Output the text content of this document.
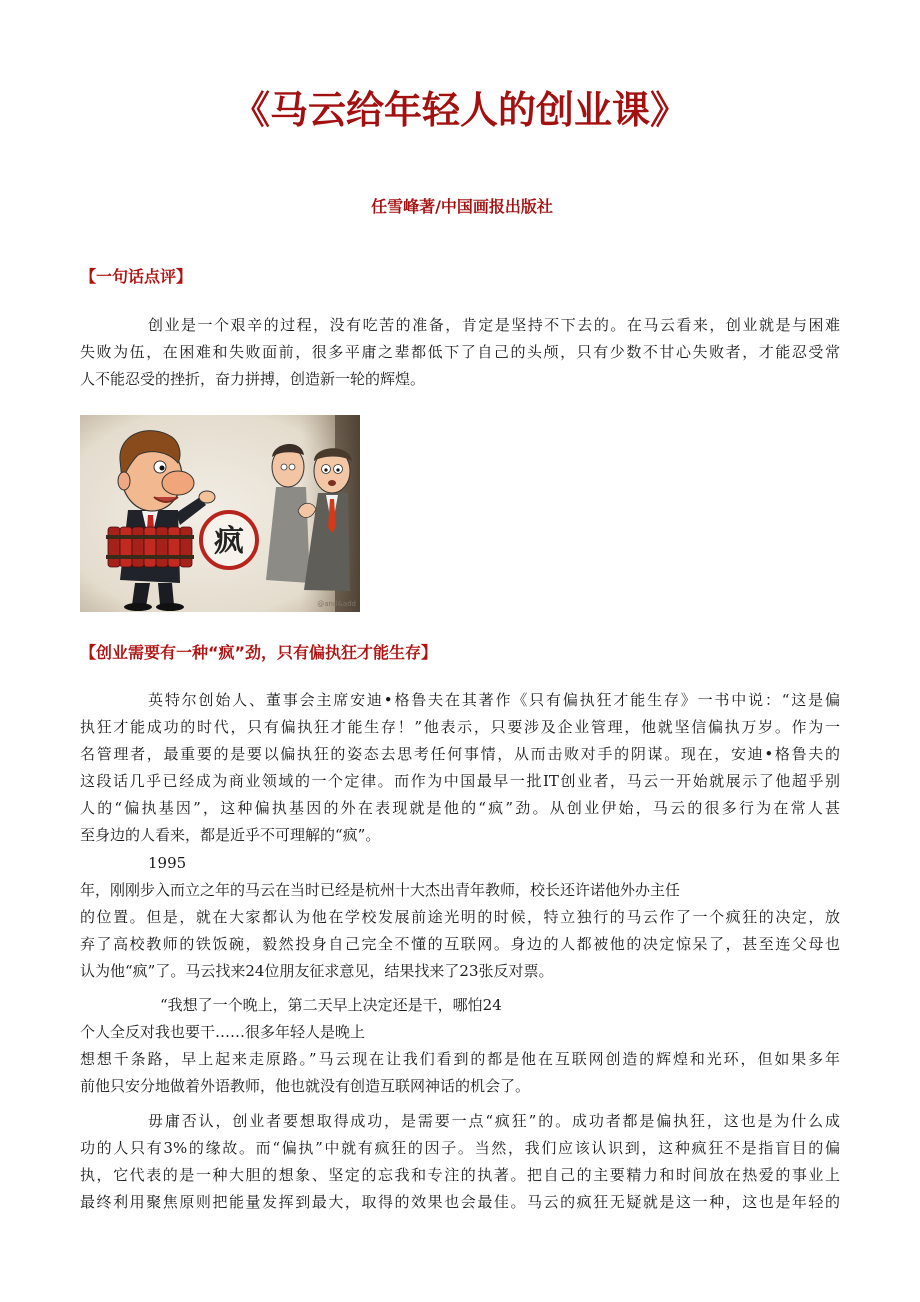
《马云给年轻人的创业课》
任雪峰著/中国画报出版社
【一句话点评】
创业是一个艰辛的过程，没有吃苦的准备，肯定是坚持不下去的。在马云看来，创业就是与困难
失败为伍，在困难和失败面前，很多平庸之辈都低下了自己的头颅，只有少数不甘心失败者，才能忍受常
人不能忍受的挫折，奋力拼搏，创造新一轮的辉煌。
疯
@and&add
【创业需要有一种“疯”劲，只有偏执狂才能生存】
英特尔创始人、董事会主席安迪•格鲁夫在其著作《只有偏执狂才能生存》一书中说：“这是偏
执狂才能成功的时代，只有偏执狂才能生存！”他表示，只要涉及企业管理，他就坚信偏执万岁。作为一
名管理者，最重要的是要以偏执狂的姿态去思考任何事情，从而击败对手的阴谋。现在，安迪•格鲁夫的
这段话几乎已经成为商业领域的一个定律。而作为中国最早一批IT创业者，马云一开始就展示了他超乎别
人的“偏执基因”，这种偏执基因的外在表现就是他的“疯”劲。从创业伊始，马云的很多行为在常人甚
至身边的人看来，都是近乎不可理解的“疯”。
1995
年，刚刚步入而立之年的马云在当时已经是杭州十大杰出青年教师，校长还许诺他外办主任
的位置。但是，就在大家都认为他在学校发展前途光明的时候，特立独行的马云作了一个疯狂的决定，放
弃了高校教师的铁饭碗，毅然投身自己完全不懂的互联网。身边的人都被他的决定惊呆了，甚至连父母也
认为他“疯”了。马云找来24位朋友征求意见，结果找来了23张反对票。
“我想了一个晚上，第二天早上决定还是干，哪怕24
个人全反对我也要干……很多年轻人是晚上
想想千条路，早上起来走原路。”马云现在让我们看到的都是他在互联网创造的辉煌和光环，但如果多年
前他只安分地做着外语教师，他也就没有创造互联网神话的机会了。
毋庸否认，创业者要想取得成功，是需要一点“疯狂”的。成功者都是偏执狂，这也是为什么成
功的人只有3%的缘故。而“偏执”中就有疯狂的因子。当然，我们应该认识到，这种疯狂不是指盲目的偏
执，它代表的是一种大胆的想象、坚定的忘我和专注的执著。把自己的主要精力和时间放在热爱的事业上
最终利用聚焦原则把能量发挥到最大，取得的效果也会最佳。马云的疯狂无疑就是这一种，这也是年轻的
